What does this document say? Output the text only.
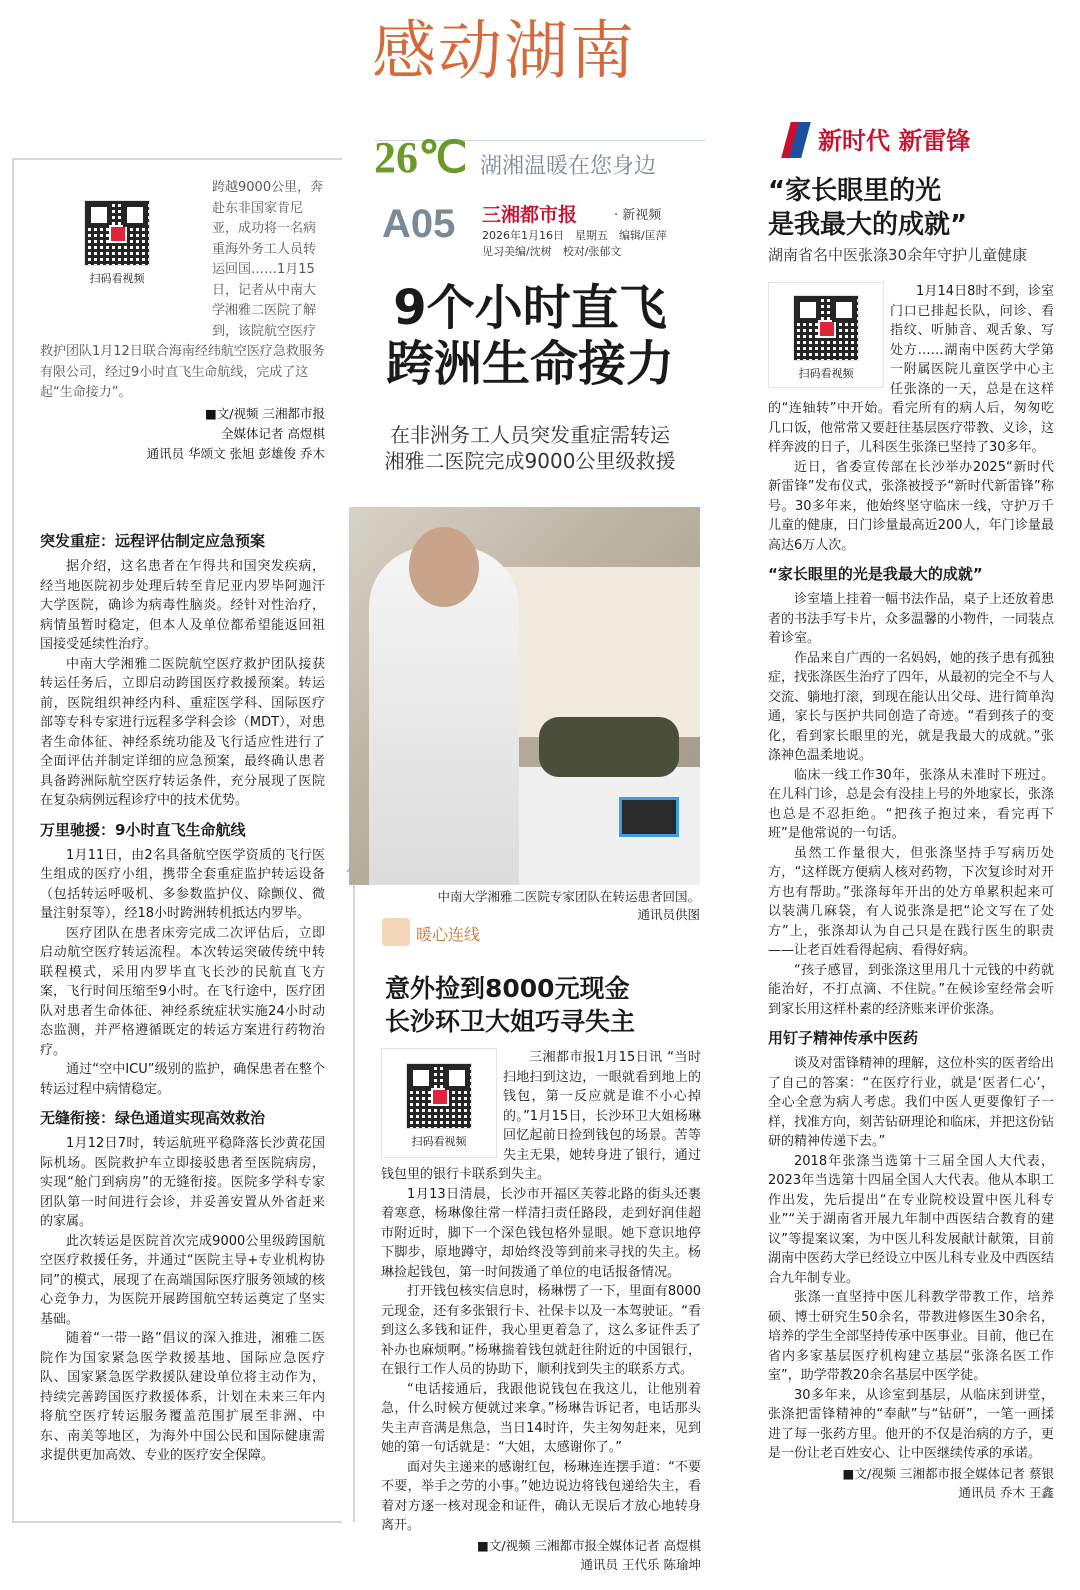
感动湖南
26℃ 湖湘温暖在您身边
A05 三湘都市报	· 新视频
2026年1月16日　星期五　编辑/匡萍
见习美编/沈树　校对/张郁文
扫码看视频
跨越9000公里，奔赴东非国家肯尼亚，成功将一名病重海外务工人员转运回国……1月15日，记者从中南大学湘雅二医院了解到，该院航空医疗救护团队1月12日联合海南经纬航空医疗急救服务有限公司，经过9小时直飞生命航线，完成了这起“生命接力”。
■文/视频 三湘都市报
全媒体记者 高煜棋
通讯员 华颂文 张旭 彭雄俊 乔木
突发重症：远程评估制定应急预案

据介绍，这名患者在乍得共和国突发疾病，经当地医院初步处理后转至肯尼亚内罗毕阿迦汗大学医院，确诊为病毒性脑炎。经针对性治疗，病情虽暂时稳定，但本人及单位都希望能返回祖国接受延续性治疗。

中南大学湘雅二医院航空医疗救护团队接获转运任务后，立即启动跨国医疗救援预案。转运前，医院组织神经内科、重症医学科、国际医疗部等专科专家进行远程多学科会诊（MDT），对患者生命体征、神经系统功能及飞行适应性进行了全面评估并制定详细的应急预案，最终确认患者具备跨洲际航空医疗转运条件，充分展现了医院在复杂病例远程诊疗中的技术优势。

万里驰援：9小时直飞生命航线

1月11日，由2名具备航空医学资质的飞行医生组成的医疗小组，携带全套重症监护转运设备（包括转运呼吸机、多参数监护仪、除颤仪、微量注射泵等），经18小时跨洲转机抵达内罗毕。

医疗团队在患者床旁完成二次评估后，立即启动航空医疗转运流程。本次转运突破传统中转联程模式，采用内罗毕直飞长沙的民航直飞方案，飞行时间压缩至9小时。在飞行途中，医疗团队对患者生命体征、神经系统症状实施24小时动态监测，并严格遵循既定的转运方案进行药物治疗。

通过“空中ICU”级别的监护，确保患者在整个转运过程中病情稳定。

无缝衔接：绿色通道实现高效救治

1月12日7时，转运航班平稳降落长沙黄花国际机场。医院救护车立即接驳患者至医院病房，实现“舱门到病房”的无缝衔接。医院多学科专家团队第一时间进行会诊，并妥善安置从外省赶来的家属。

此次转运是医院首次完成9000公里级跨国航空医疗救援任务，并通过“医院主导+专业机构协同”的模式，展现了在高端国际医疗服务领域的核心竞争力，为医院开展跨国航空转运奠定了坚实基础。

随着“一带一路”倡议的深入推进，湘雅二医院作为国家紧急医学救援基地、国际应急医疗队、国家紧急医学救援队建设单位将主动作为，持续完善跨国医疗救援体系，计划在未来三年内将航空医疗转运服务覆盖范围扩展至非洲、中东、南美等地区，为海外中国公民和国际健康需求提供更加高效、专业的医疗安全保障。

9个小时直飞
跨洲生命接力
在非洲务工人员突发重症需转运
湘雅二医院完成9000公里级救援
中南大学湘雅二医院专家团队在转运患者回国。
通讯员供图
暖心连线
意外捡到8000元现金
长沙环卫大姐巧寻失主
扫码看视频

三湘都市报1月15日讯 “当时扫地扫到这边，一眼就看到地上的钱包，第一反应就是谁不小心掉的。”1月15日，长沙环卫大姐杨琳回忆起前日捡到钱包的场景。苦等失主无果，她转身进了银行，通过钱包里的银行卡联系到失主。

1月13日清晨，长沙市开福区芙蓉北路的街头还裹着寒意，杨琳像往常一样清扫责任路段，走到好润佳超市附近时，脚下一个深色钱包格外显眼。她下意识地停下脚步，原地蹲守，却始终没等到前来寻找的失主。杨琳捡起钱包，第一时间拨通了单位的电话报备情况。

打开钱包核实信息时，杨琳愣了一下，里面有8000元现金，还有多张银行卡、社保卡以及一本驾驶证。“看到这么多钱和证件，我心里更着急了，这么多证件丢了补办也麻烦啊。”杨琳揣着钱包就赶往附近的中国银行，在银行工作人员的协助下，顺利找到失主的联系方式。

“电话接通后，我跟他说钱包在我这儿，让他别着急，什么时候方便就过来拿。”杨琳告诉记者，电话那头失主声音满是焦急，当日14时许，失主匆匆赶来，见到她的第一句话就是：“大姐，太感谢你了。”

面对失主递来的感谢红包，杨琳连连摆手道：“不要不要，举手之劳的小事。”她边说边将钱包递给失主，看着对方逐一核对现金和证件，确认无误后才放心地转身离开。

■文/视频 三湘都市报全媒体记者 高煜棋
通讯员 王代乐 陈瑜坤
新时代 新雷锋
“家长眼里的光
是我最大的成就”
湖南省名中医张涤30余年守护儿童健康
扫码看视频

1月14日8时不到，诊室门口已排起长队，问诊、看指纹、听肺音、观舌象、写处方……湖南中医药大学第一附属医院儿童医学中心主任张涤的一天，总是在这样的“连轴转”中开始。看完所有的病人后，匆匆吃几口饭，他常常又要赶往基层医疗带教、义诊，这样奔波的日子，儿科医生张涤已坚持了30多年。

近日，省委宣传部在长沙举办2025“新时代新雷锋”发布仪式，张涤被授予“新时代新雷锋”称号。30多年来，他始终坚守临床一线，守护万千儿童的健康，日门诊量最高近200人，年门诊量最高达6万人次。

“家长眼里的光是我最大的成就”

诊室墙上挂着一幅书法作品，桌子上还放着患者的书法手写卡片，众多温馨的小物件，一同装点着诊室。

作品来自广西的一名妈妈，她的孩子患有孤独症，找张涤医生治疗了四年，从最初的完全不与人交流、躺地打滚，到现在能认出父母、进行简单沟通，家长与医护共同创造了奇迹。“看到孩子的变化，看到家长眼里的光，就是我最大的成就。”张涤神色温柔地说。

临床一线工作30年，张涤从未准时下班过。在儿科门诊，总是会有没挂上号的外地家长，张涤也总是不忍拒绝。“把孩子抱过来，看完再下班”是他常说的一句话。

虽然工作量很大，但张涤坚持手写病历处方，“这样既方便病人核对药物，下次复诊时对开方也有帮助。”张涤每年开出的处方单累积起来可以装满几麻袋，有人说张涤是把“论文写在了处方”上，张涤却认为自己只是在践行医生的职责——让老百姓看得起病、看得好病。

“孩子感冒，到张涤这里用几十元钱的中药就能治好，不打点滴、不住院。”在候诊室经常会听到家长用这样朴素的经济账来评价张涤。

用钉子精神传承中医药

谈及对雷锋精神的理解，这位朴实的医者给出了自己的答案：“在医疗行业，就是‘医者仁心’，全心全意为病人考虑。我们中医人更要像钉子一样，找准方向，刻苦钻研理论和临床，并把这份钻研的精神传递下去。”

2018年张涤当选第十三届全国人大代表，2023年当选第十四届全国人大代表。他从本职工作出发，先后提出“在专业院校设置中医儿科专业”“关于湖南省开展九年制中西医结合教育的建议”等提案议案，为中医儿科发展献计献策，目前湖南中医药大学已经设立中医儿科专业及中西医结合九年制专业。

张涤一直坚持中医儿科教学带教工作，培养硕、博士研究生50余名，带教进修医生30余名，培养的学生全部坚持传承中医事业。目前，他已在省内多家基层医疗机构建立基层“张涤名医工作室”，助学带教20余名基层中医学徒。

30多年来，从诊室到基层，从临床到讲堂，张涤把雷锋精神的“奉献”与“钻研”，一笔一画揉进了每一张药方里。他开的不仅是治病的方子，更是一份让老百姓安心、让中医继续传承的承诺。

■文/视频 三湘都市报全媒体记者 蔡银
通讯员 乔木 王鑫
